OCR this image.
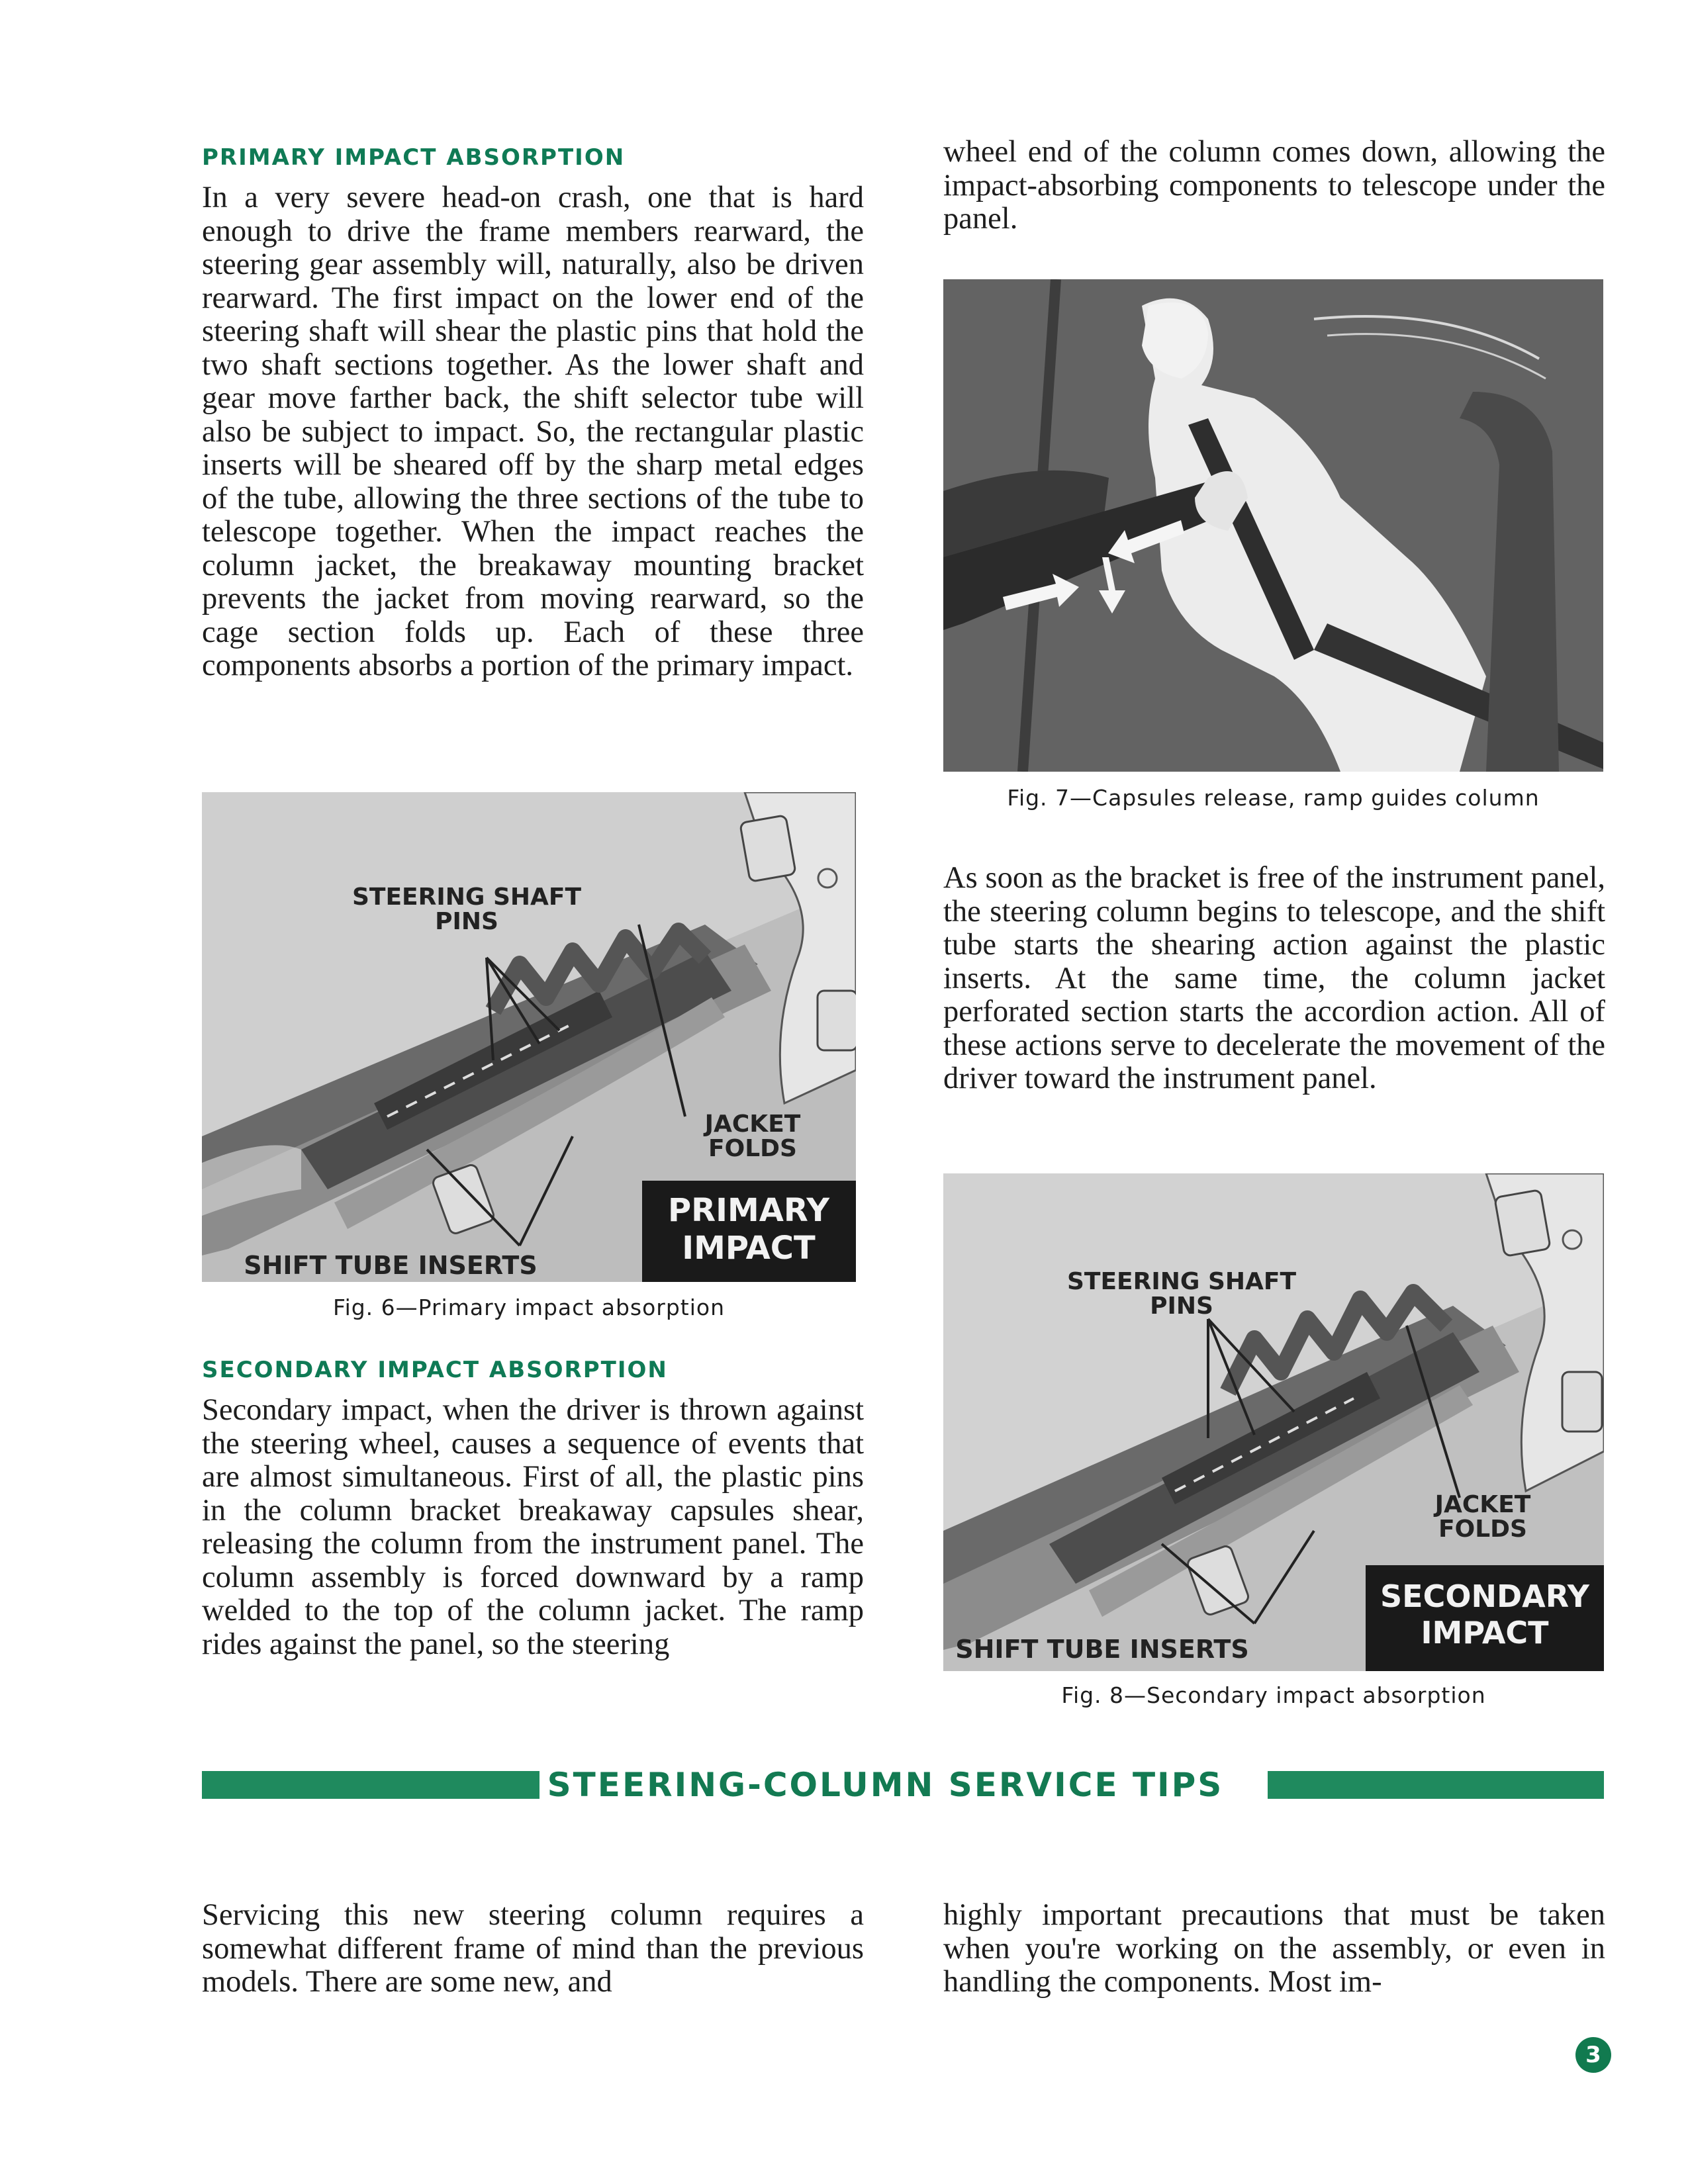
PRIMARY IMPACT ABSORPTION

In a very severe head-on crash, one that is hard enough to drive the frame members rearward, the steering gear assembly will, naturally, also be driven rearward. The first impact on the lower end of the steering shaft will shear the plastic pins that hold the two shaft sections together. As the lower shaft and gear move farther back, the shift selector tube will also be subject to impact. So, the rectangular plastic inserts will be sheared off by the sharp metal edges of the tube, allowing the three sections of the tube to telescope together. When the impact reaches the column jacket, the breakaway mounting bracket prevents the jacket from moving rearward, so the cage section folds up. Each of these three components absorbs a portion of the primary impact.

STEERING SHAFT
PINS
JACKET
FOLDS
SHIFT TUBE INSERTS
PRIMARY
IMPACT

Fig. 6—Primary impact absorption

SECONDARY IMPACT ABSORPTION

Secondary impact, when the driver is thrown against the steering wheel, causes a sequence of events that are almost simultaneous. First of all, the plastic pins in the column bracket breakaway capsules shear, releasing the column from the instrument panel. The column assembly is forced downward by a ramp welded to the top of the column jacket. The ramp rides against the panel, so the steering

wheel end of the column comes down, allowing the impact-absorbing components to telescope under the panel.

Fig. 7—Capsules release, ramp guides column

As soon as the bracket is free of the instrument panel, the steering column begins to telescope, and the shift tube starts the shearing action against the plastic inserts. At the same time, the column jacket perforated section starts the accordion action. All of these actions serve to decelerate the movement of the driver toward the instrument panel.

STEERING SHAFT
PINS
JACKET
FOLDS
SHIFT TUBE INSERTS
SECONDARY
IMPACT

Fig. 8—Secondary impact absorption

STEERING-COLUMN SERVICE TIPS

Servicing this new steering column requires a somewhat different frame of mind than the previous models. There are some new, and

highly important precautions that must be taken when you're working on the assembly, or even in handling the components. Most im-

3
